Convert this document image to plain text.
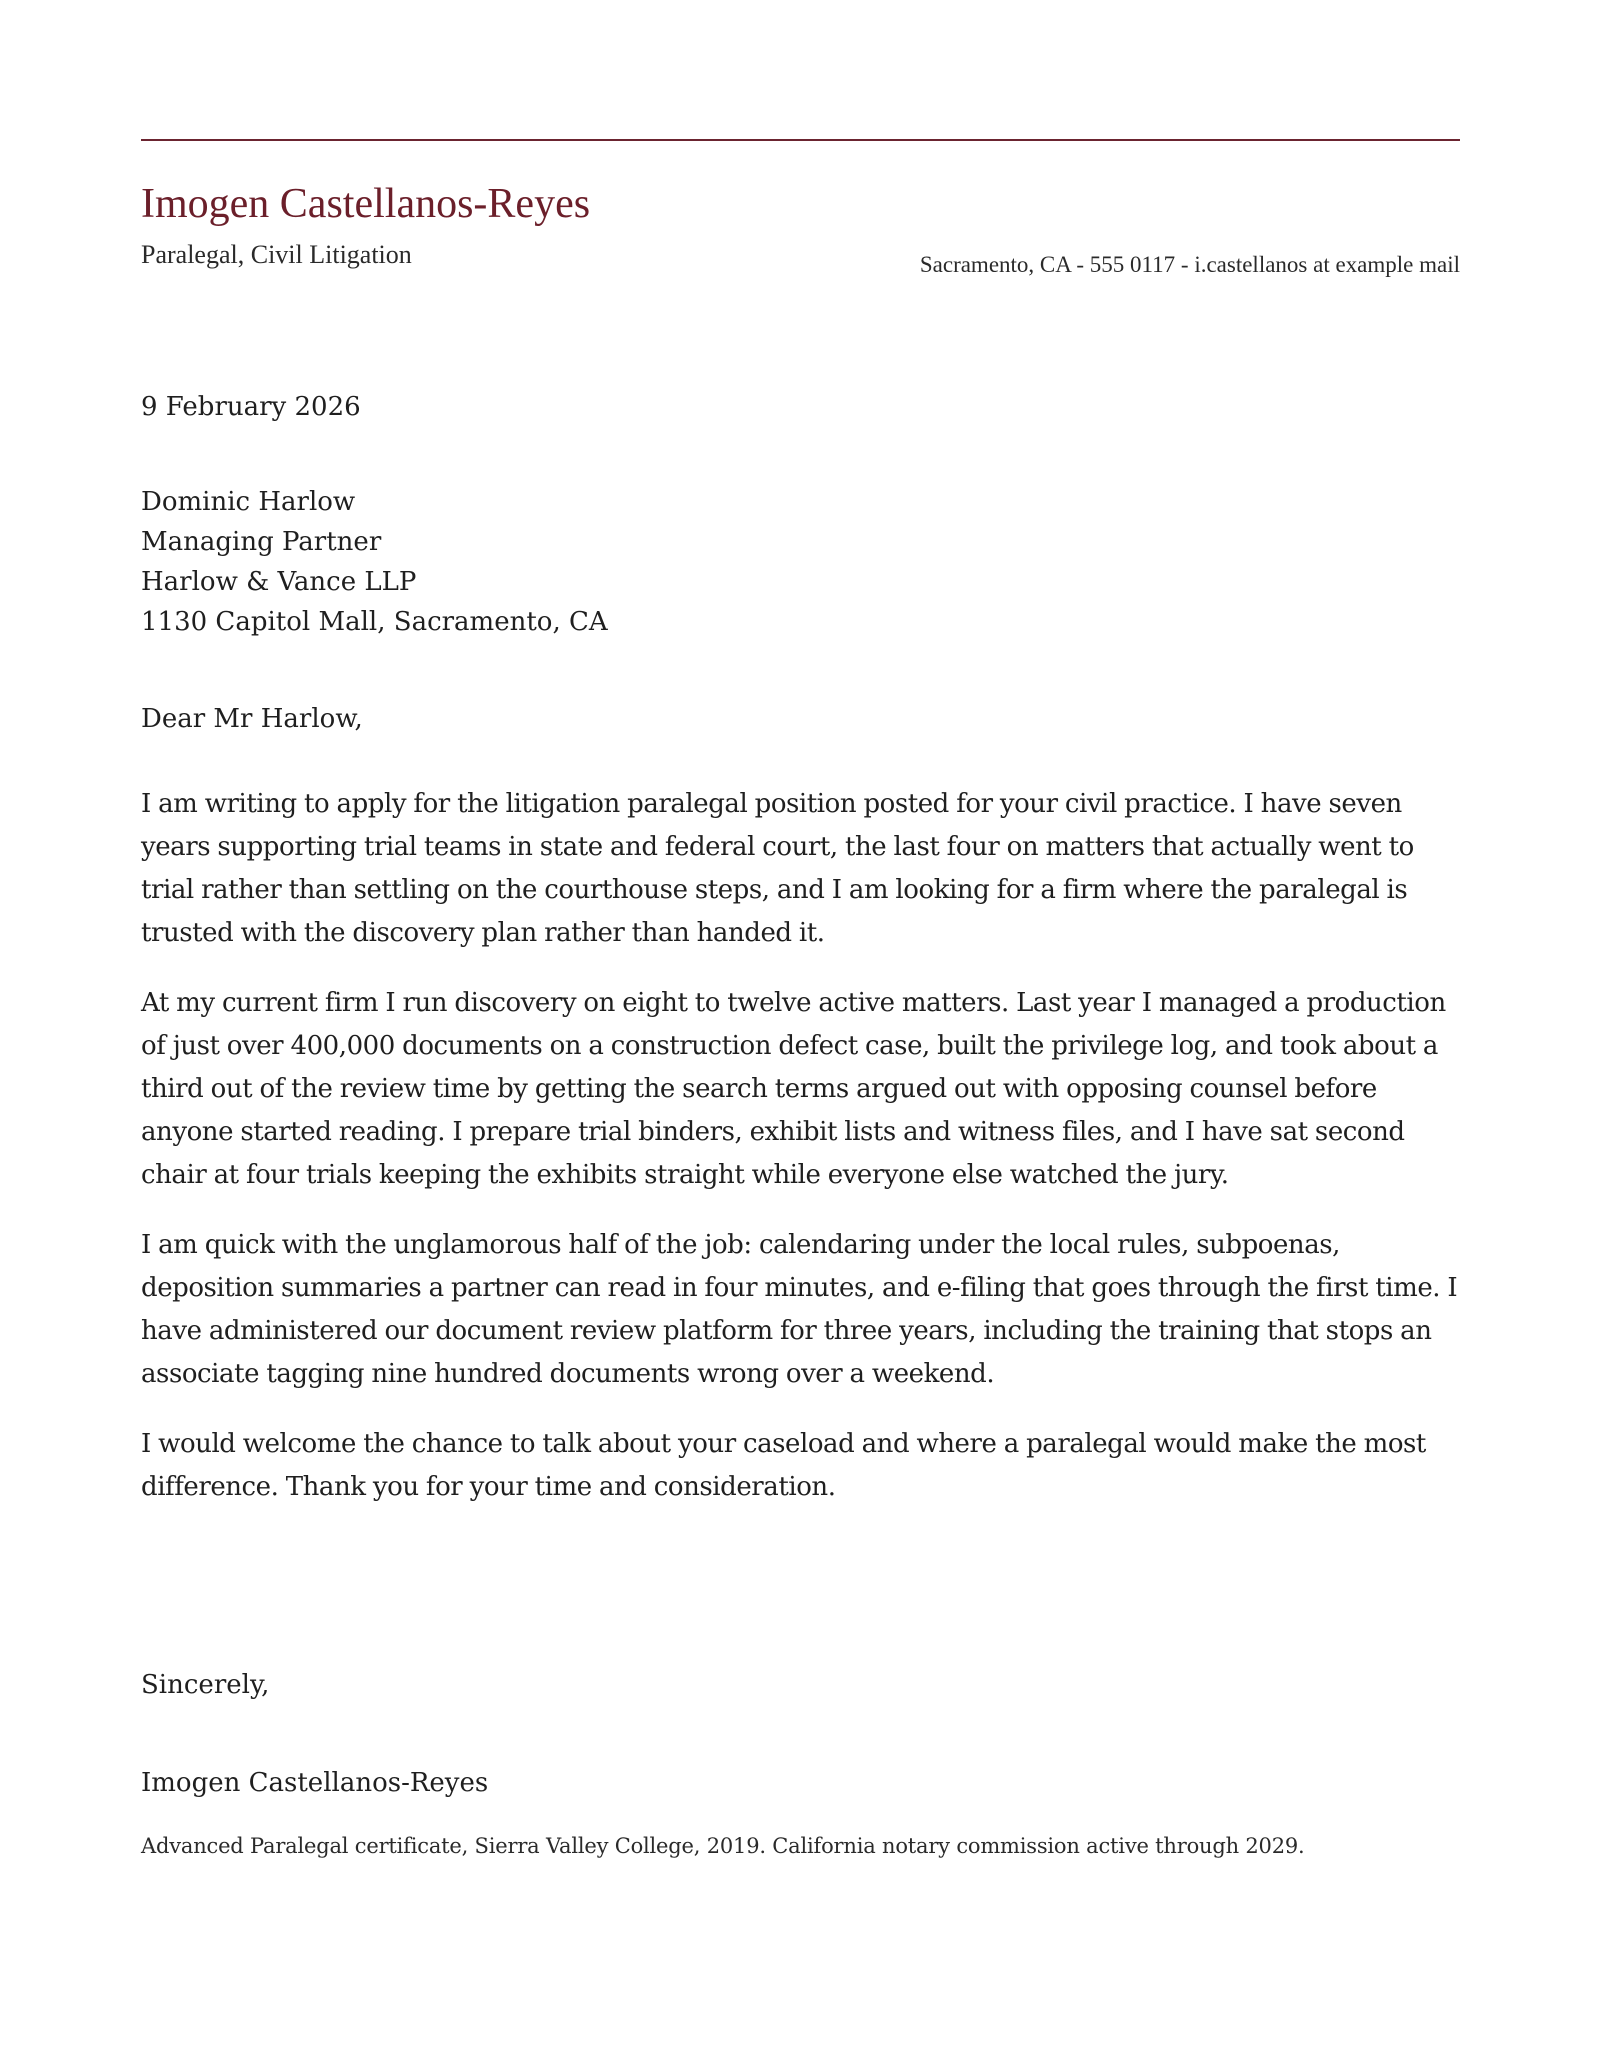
Imogen Castellanos-Reyes
Paralegal, Civil Litigation	Sacramento, CA - 555 0117 - i.castellanos at example mail
9 February 2026
Dominic Harlow
Managing Partner
Harlow & Vance LLP
1130 Capitol Mall, Sacramento, CA
Dear Mr Harlow,

I am writing to apply for the litigation paralegal position posted for your civil practice. I have seven years supporting trial teams in state and federal court, the last four on matters that actually went to trial rather than settling on the courthouse steps, and I am looking for a firm where the paralegal is trusted with the discovery plan rather than handed it.

At my current firm I run discovery on eight to twelve active matters. Last year I managed a production of just over 400,000 documents on a construction defect case, built the privilege log, and took about a third out of the review time by getting the search terms argued out with opposing counsel before anyone started reading. I prepare trial binders, exhibit lists and witness files, and I have sat second chair at four trials keeping the exhibits straight while everyone else watched the jury.

I am quick with the unglamorous half of the job: calendaring under the local rules, subpoenas, deposition summaries a partner can read in four minutes, and e-filing that goes through the first time. I have administered our document review platform for three years, including the training that stops an associate tagging nine hundred documents wrong over a weekend.

I would welcome the chance to talk about your caseload and where a paralegal would make the most difference. Thank you for your time and consideration.

Sincerely,
Imogen Castellanos-Reyes
Advanced Paralegal certificate, Sierra Valley College, 2019. California notary commission active through 2029.
